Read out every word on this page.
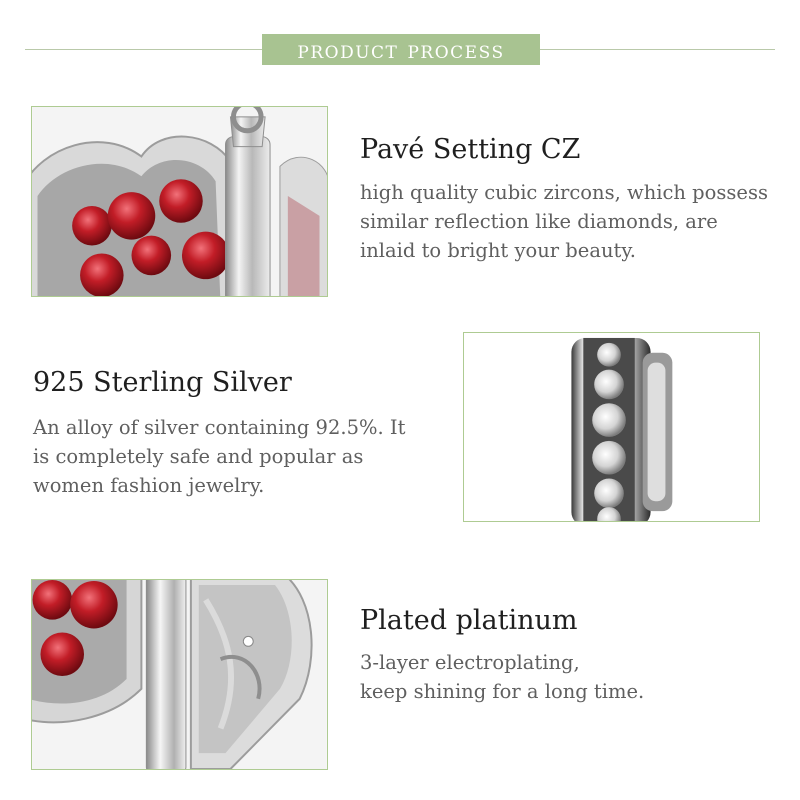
product process
Pavé Setting CZ
high quality cubic zircons, which possess
similar reflection like diamonds, are
inlaid to bright your beauty.
925 Sterling Silver
An alloy of silver containing 92.5%. It
is completely safe and popular as
women fashion jewelry.
Plated platinum
3-layer electroplating,
keep shining for a long time.
